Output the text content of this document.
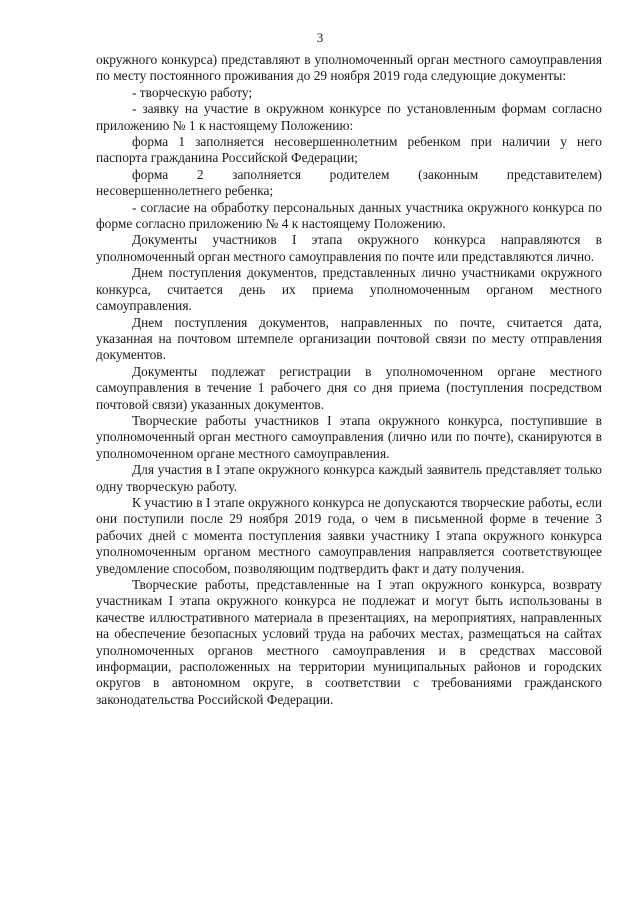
3

окружного конкурса) представляют в уполномоченный орган местного самоуправления по месту постоянного проживания до 29 ноября 2019 года следующие документы:

- творческую работу;

- заявку на участие в окружном конкурсе по установленным формам согласно приложению № 1 к настоящему Положению:

форма 1 заполняется несовершеннолетним ребенком при наличии у него паспорта гражданина Российской Федерации;

форма 2 заполняется родителем (законным представителем) несовершеннолетнего ребенка;

- согласие на обработку персональных данных участника окружного конкурса по форме согласно приложению № 4 к настоящему Положению.

Документы участников I этапа окружного конкурса направляются в уполномоченный орган местного самоуправления по почте или представляются лично.

Днем поступления документов, представленных лично участниками окружного конкурса, считается день их приема уполномоченным органом местного самоуправления.

Днем поступления документов, направленных по почте, считается дата, указанная на почтовом штемпеле организации почтовой связи по месту отправления документов.

Документы подлежат регистрации в уполномоченном органе местного самоуправления в течение 1 рабочего дня со дня приема (поступления посредством почтовой связи) указанных документов.

Творческие работы участников I этапа окружного конкурса, поступившие в уполномоченный орган местного самоуправления (лично или по почте), сканируются в уполномоченном органе местного самоуправления.

Для участия в I этапе окружного конкурса каждый заявитель представляет только одну творческую работу.

К участию в I этапе окружного конкурса не допускаются творческие работы, если они поступили после 29 ноября 2019 года, о чем в письменной форме в течение 3 рабочих дней с момента поступления заявки участнику I этапа окружного конкурса уполномоченным органом местного самоуправления направляется соответствующее уведомление способом, позволяющим подтвердить факт и дату получения.

Творческие работы, представленные на I этап окружного конкурса, возврату участникам I этапа окружного конкурса не подлежат и могут быть использованы в качестве иллюстративного материала в презентациях, на мероприятиях, направленных на обеспечение безопасных условий труда на рабочих местах, размещаться на сайтах уполномоченных органов местного самоуправления и в средствах массовой информации, расположенных на территории муниципальных районов и городских округов в автономном округе, в соответствии с требованиями гражданского законодательства Российской Федерации.
